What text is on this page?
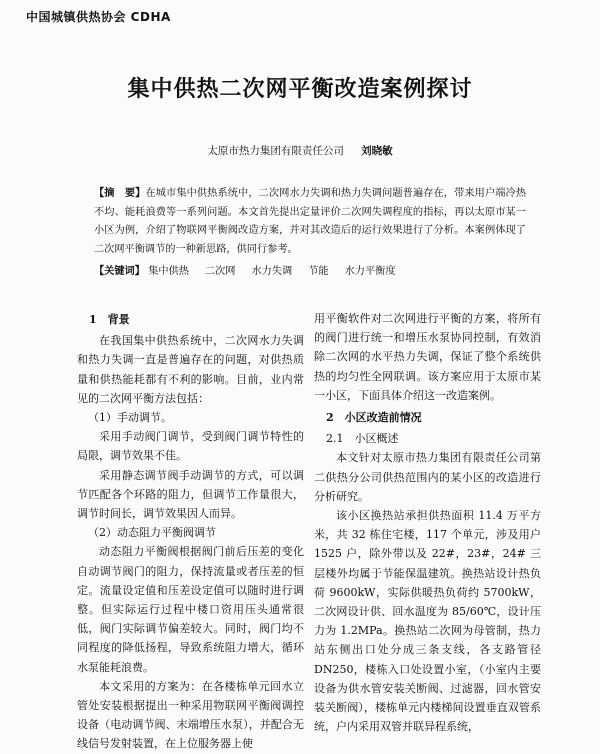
中国城镇供热协会 CDHA
集中供热二次网平衡改造案例探讨
太原市热力集团有限责任公司 刘晓敏
【摘　要】在城市集中供热系统中，二次网水力失调和热力失调问题普遍存在，带来用户端冷热不均、能耗浪费等一系列问题。本文首先提出定量评价二次网失调程度的指标，再以太原市某一小区为例，介绍了物联网平衡阀改造方案，并对其改造后的运行效果进行了分析。本案例体现了二次网平衡调节的一种新思路，供同行参考。
【关键词】 集中供热 二次网 水力失调 节能 水力平衡度

1　背景

在我国集中供热系统中，二次网水力失调和热力失调一直是普遍存在的问题，对供热质量和供热能耗都有不利的影响。目前，业内常见的二次网平衡方法包括：

（1）手动调节。

采用手动阀门调节，受到阀门调节特性的局限，调节效果不佳。

采用静态调节阀手动调节的方式，可以调节匹配各个环路的阻力，但调节工作量很大，调节时间长，调节效果因人而异。

（2）动态阻力平衡阀调节

动态阻力平衡阀根据阀门前后压差的变化自动调节阀门的阻力，保持流量或者压差的恒定。流量设定值和压差设定值可以随时进行调整。但实际运行过程中楼口资用压头通常很低，阀门实际调节偏差较大。同时，阀门均不同程度的降低扬程，导致系统阻力增大，循环水泵能耗浪费。

本文采用的方案为：在各楼栋单元回水立管处安装根据提出一种采用物联网平衡阀调控设备（电动调节阀、末端增压水泵），并配合无线信号发射装置，在上位服务器上使

用平衡软件对二次网进行平衡的方案，将所有的阀门进行统一和增压水泵协同控制，有效消除二次网的水平热力失调，保证了整个系统供热的均匀性全网联调。该方案应用于太原市某一小区，下面具体介绍这一改造案例。

2　小区改造前情况

2.1　小区概述

本文针对太原市热力集团有限责任公司第二供热分公司供热范围内的某小区的改造进行分析研究。

该小区换热站承担供热面积 11.4 万平方米，共 32 栋住宅楼，117 个单元，涉及用户 1525 户，除外带以及 22#，23#，24# 三层楼外均属于节能保温建筑。换热站设计热负荷 9600kW，实际供暖热负荷约 5700kW，二次网设计供、回水温度为 85/60℃，设计压力为 1.2MPa。换热站二次网为母管制，热力站东侧出口处分成三条支线，各支路管径 DN250，楼栋入口处设置小室，（小室内主要设备为供水管安装关断阀、过滤器，回水管安装关断阀），楼栋单元内楼梯间设置垂直双管系统，户内采用双管并联异程系统，
